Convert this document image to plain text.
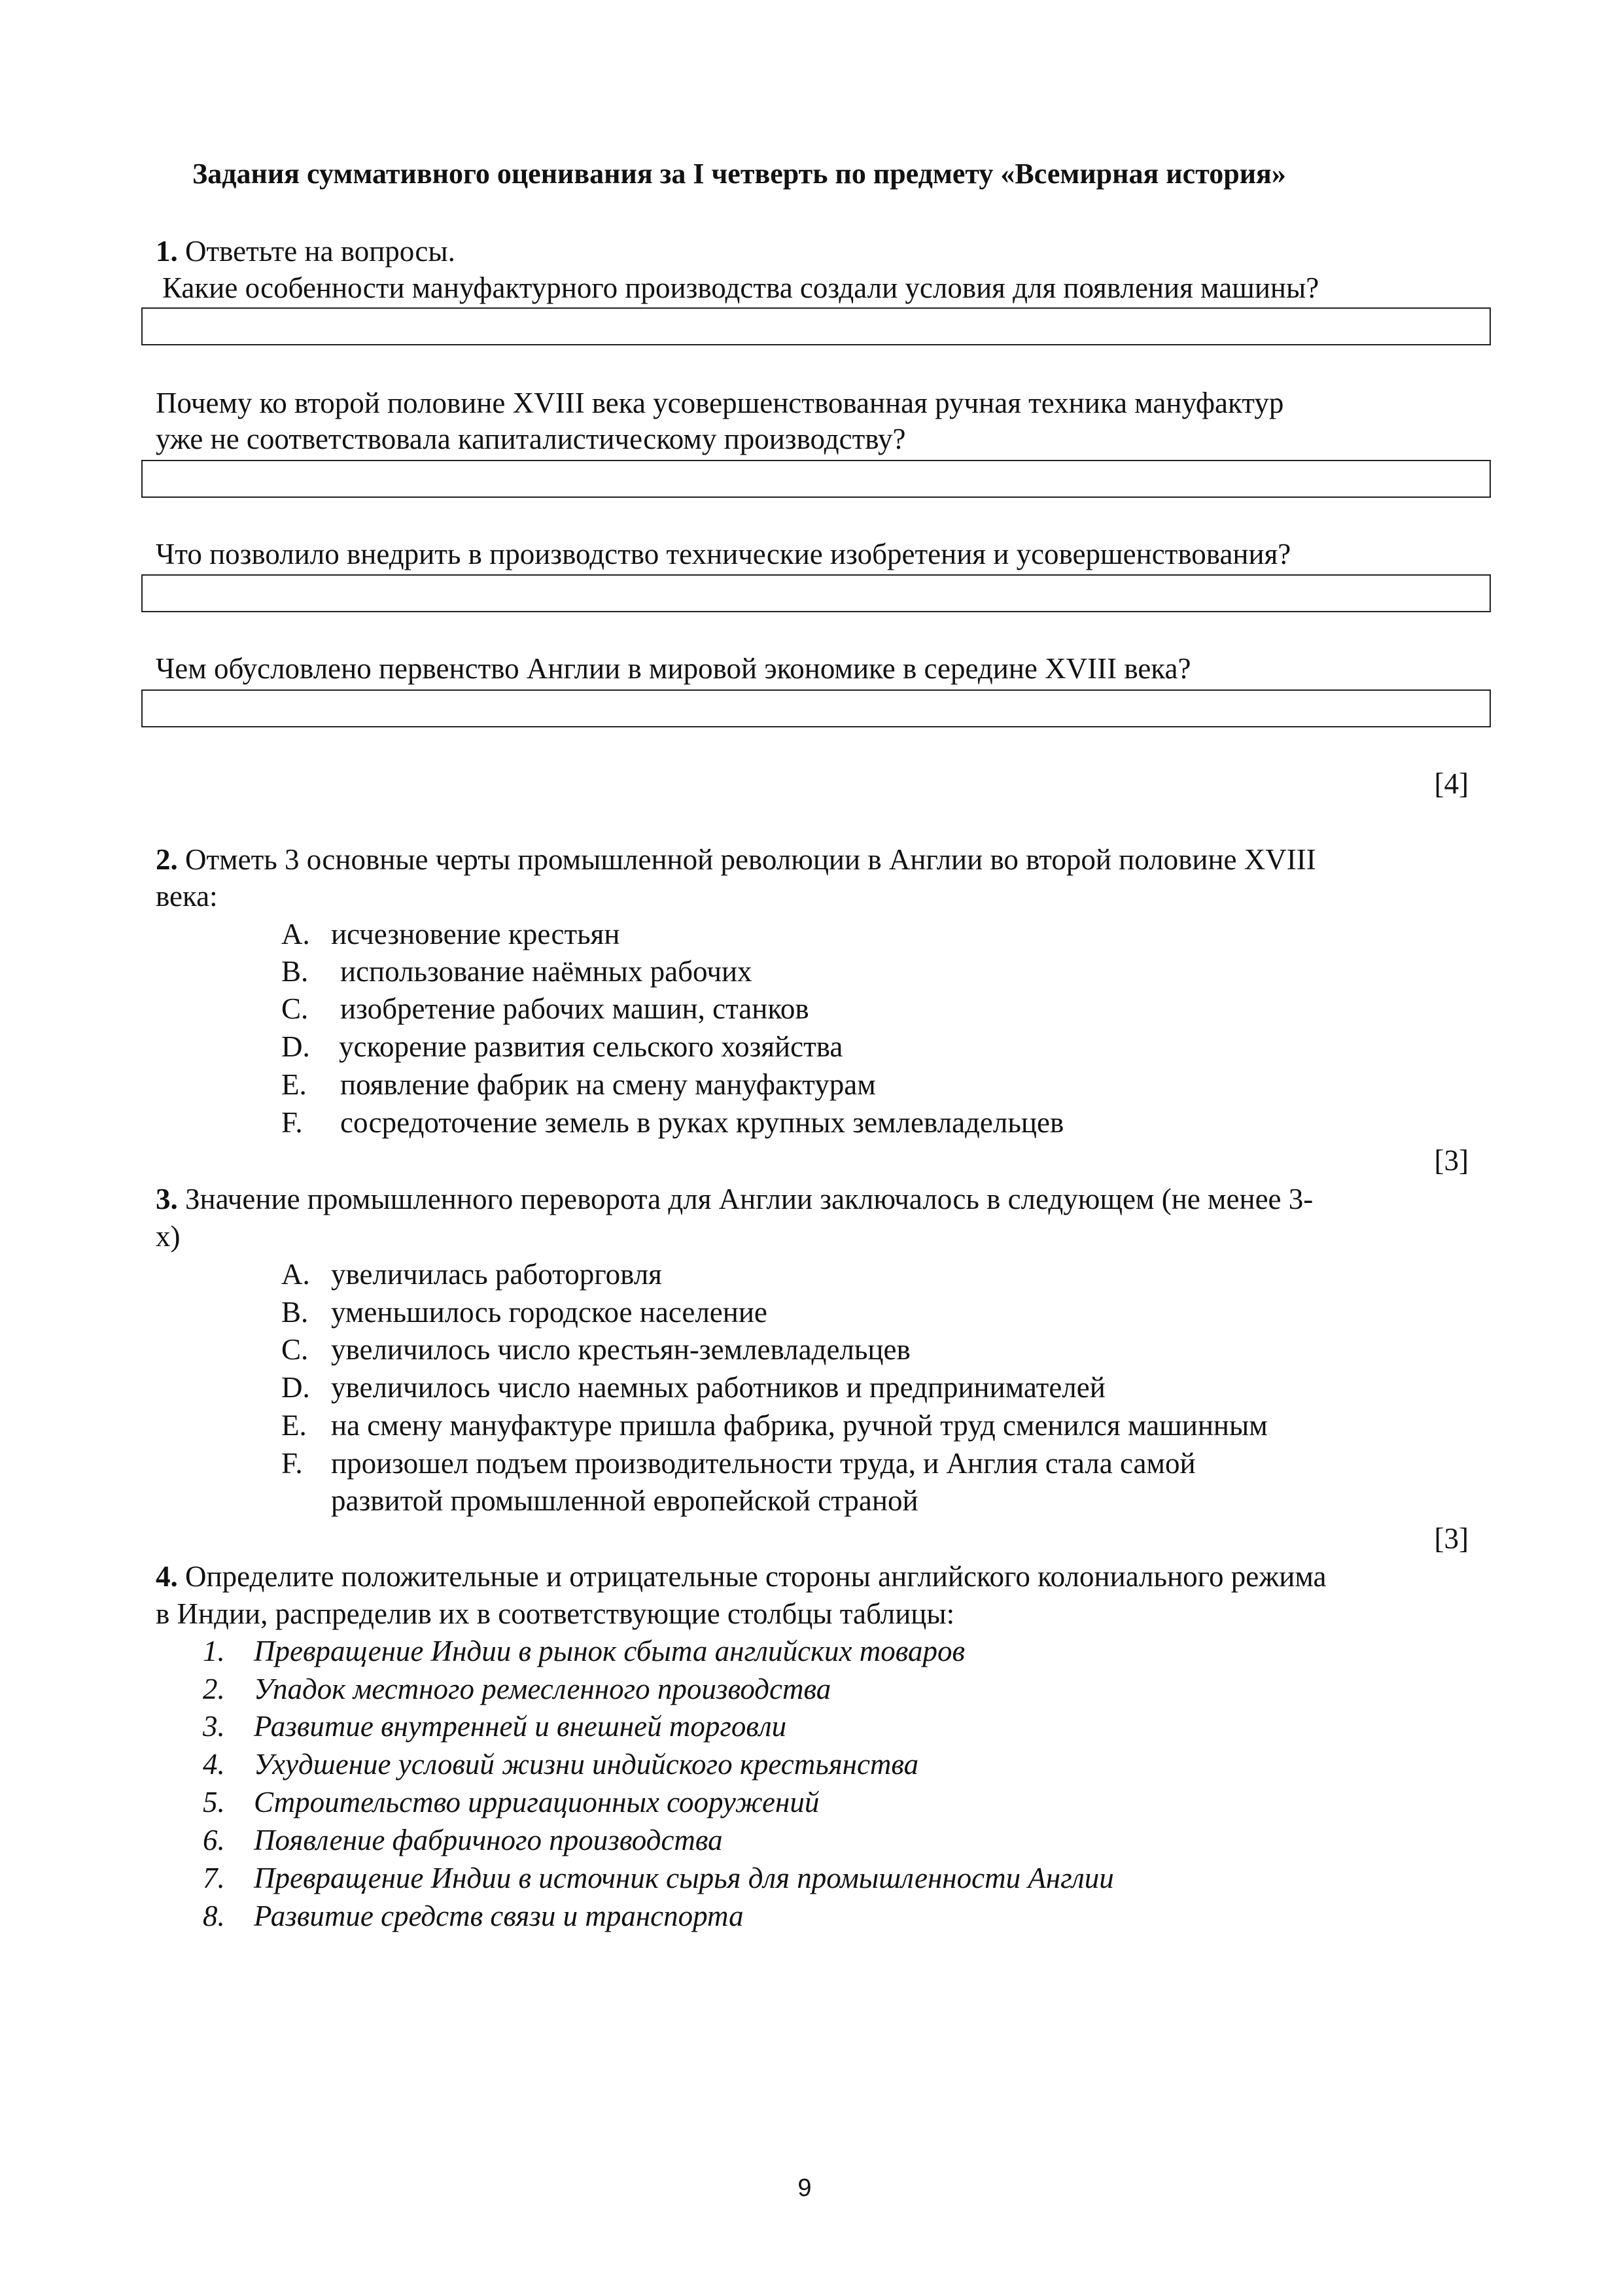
Задания суммативного оценивания за I четверть по предмету «Всемирная история»
1. Ответьте на вопросы.
Какие особенности мануфактурного производства создали условия для появления машины?
Почему ко второй половине XVIII века усовершенствованная ручная техника мануфактур
уже не соответствовала капиталистическому производству?
Что позволило внедрить в производство технические изобретения и усовершенствования?
Чем обусловлено первенство Англии в мировой экономике в середине XVIII века?
[4]
2. Отметь 3 основные черты промышленной революции в Англии во второй половине XVIII
века:
A. исчезновение крестьян
B. использование наёмных рабочих
C. изобретение рабочих машин, станков
D. ускорение развития сельского хозяйства
E. появление фабрик на смену мануфактурам
F. сосредоточение земель в руках крупных землевладельцев
[3]
3. Значение промышленного переворота для Англии заключалось в следующем (не менее 3-
х)
A. увеличилась работорговля
B. уменьшилось городское население
C. увеличилось число крестьян-землевладельцев
D. увеличилось число наемных работников и предпринимателей
E. на смену мануфактуре пришла фабрика, ручной труд сменился машинным
F. произошел подъем производительности труда, и Англия стала самой
развитой промышленной европейской страной
[3]
4. Определите положительные и отрицательные стороны английского колониального режима
в Индии, распределив их в соответствующие столбцы таблицы:
1. Превращение Индии в рынок сбыта английских товаров
2. Упадок местного ремесленного производства
3. Развитие внутренней и внешней торговли
4. Ухудшение условий жизни индийского крестьянства
5. Строительство ирригационных сооружений
6. Появление фабричного производства
7. Превращение Индии в источник сырья для промышленности Англии
8. Развитие средств связи и транспорта
9
